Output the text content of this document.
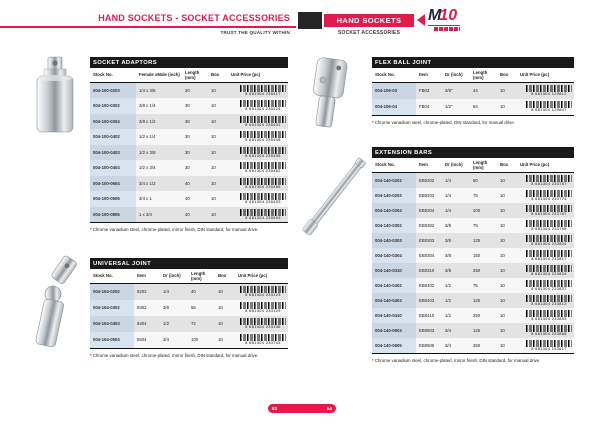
HAND SOCKETS - SOCKET ACCESSORIES
TRUST THE QUALITY WITHIN
HAND SOCKETS
SOCKET ACCESSORIES
M10
SOCKET ADAPTORS
Stock No.	Female xMale (inch)	Length (mm)	Box	Unit Price (pc)
004-100-0203	1/4 x 3/8	20	10
8 681304 235417
004-100-0302	3/8 x 1/4	30	10
8 681304 235424
004-100-0304	3/8 x 1/2	30	10
8 681304 235431
004-100-0402	1/2 x 1/4	30	10
8 681304 235448
004-100-0403	1/2 x 3/8	30	10
8 681304 235455
004-100-0404	1/2 x 3/4	30	10
8 681304 235462
004-100-0604	3/4 x 1/2	40	10
8 681304 235486
004-100-0606	3/4 x 1	40	10
8 681304 235493
004-100-0806	1 x 3/4	40	10
8 681304 235509
*Chrome vanadium steel, chrome-plated, mirror finish, DIN standard, for manual drive.
UNIVERSAL JOINT
Stock No.	Item	Dr (inch)	Length (mm)	Box	Unit Price (pc)
004-104-0202	5202	1/4	40	10
8 681304 233123
004-104-0302	5302	3/8	56	10
8 681304 233129
004-104-0403	5404	1/2	72	10
8 681304 233136
004-104-0504	5504	3/4	100	10
8 681304 233743
*Chrome vanadium steel, chrome-plated, mirror finish, DIN standard, for manual drive.
FLEX BALL JOINT
Stock No.	Item	Dr (inch)	Length (mm)	Box	Unit Price (pc)
004-106-03	FB03	3/8"	44	10
8 681304 129812
004-106-04	FB04	1/2"	64	10
8 681304 129847
*Chrome vanadium steel, chrome-plated, DIN standard, for manual drive.
EXTENSION BARS
Stock No.	Item	Dr (inch)	Length (mm)	Box	Unit Price (pc)
004-140-0202	EB0202	1/4	50	10
8 681304 233767
004-140-0203	EB0203	1/4	75	10
8 681304 233774
004-140-0204	EB0204	1/4	100	10
8 681304 233787
004-140-0302	EB0302	3/8	75	10
8 681304 233798
004-140-0303	EB0303	3/8	125	10
8 681304 233804
004-140-0304	EB0304	3/8	150	10
8 681304 233817
004-140-0310	EB0310	3/8	250	10
8 681304 233824
004-140-0402	EB0402	1/2	75	10
8 681304 233837
004-140-0403	EB0403	1/2	125	10
8 681304 233812
004-140-0410	EB0410	1/2	250	10
8 681304 233853
004-140-0603	EB0603	3/4	125	10
8 681304 233866
004-140-0605	EB0605	3/4	250	10
8 681304 153617
*Chrome vanadium steel, chrome-plated, mirror finish, DIN standard, for manual drive.
63	64
